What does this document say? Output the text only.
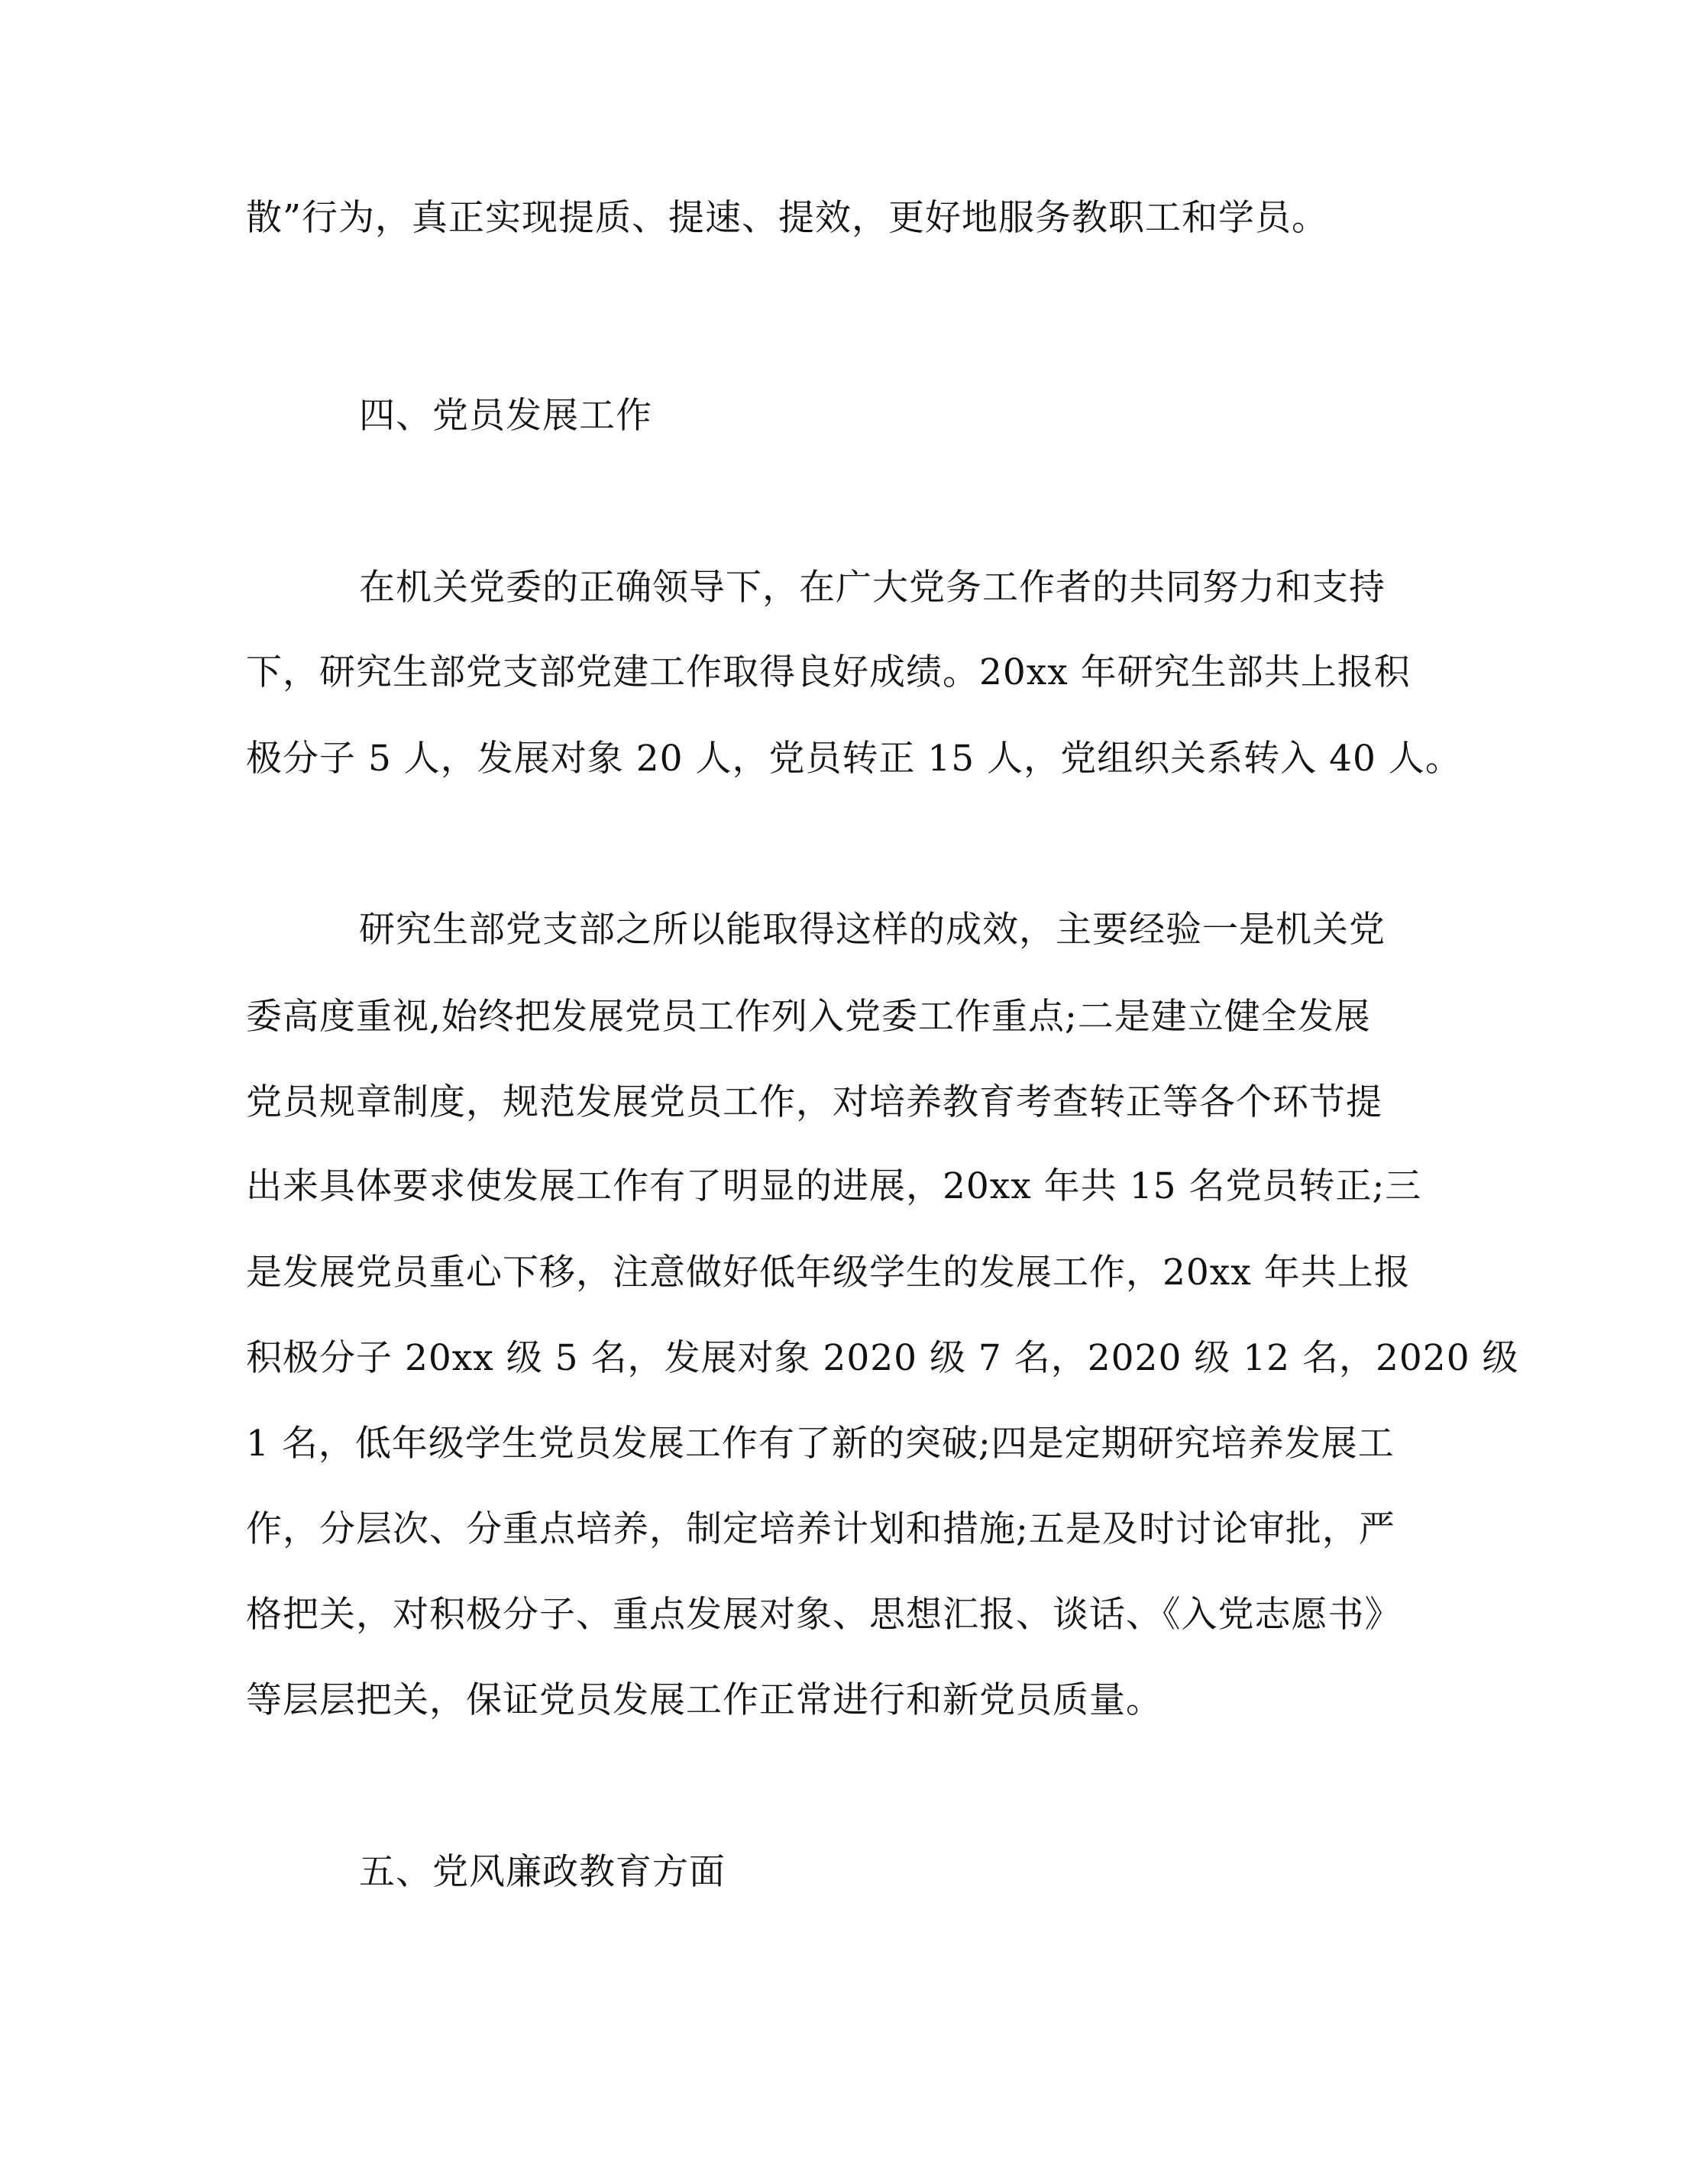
散”行为，真正实现提质、提速、提效，更好地服务教职工和学员。
四、党员发展工作
在机关党委的正确领导下，在广大党务工作者的共同努力和支持
下，研究生部党支部党建工作取得良好成绩。20xx 年研究生部共上报积
极分子 5 人，发展对象 20 人，党员转正 15 人，党组织关系转入 40 人。
研究生部党支部之所以能取得这样的成效，主要经验一是机关党
委高度重视,始终把发展党员工作列入党委工作重点;二是建立健全发展
党员规章制度，规范发展党员工作，对培养教育考查转正等各个环节提
出来具体要求使发展工作有了明显的进展，20xx 年共 15 名党员转正;三
是发展党员重心下移，注意做好低年级学生的发展工作，20xx 年共上报
积极分子 20xx 级 5 名，发展对象 2020 级 7 名，2020 级 12 名，2020 级
1 名，低年级学生党员发展工作有了新的突破;四是定期研究培养发展工
作，分层次、分重点培养，制定培养计划和措施;五是及时讨论审批，严
格把关，对积极分子、重点发展对象、思想汇报、谈话、《入党志愿书》
等层层把关，保证党员发展工作正常进行和新党员质量。
五、党风廉政教育方面
